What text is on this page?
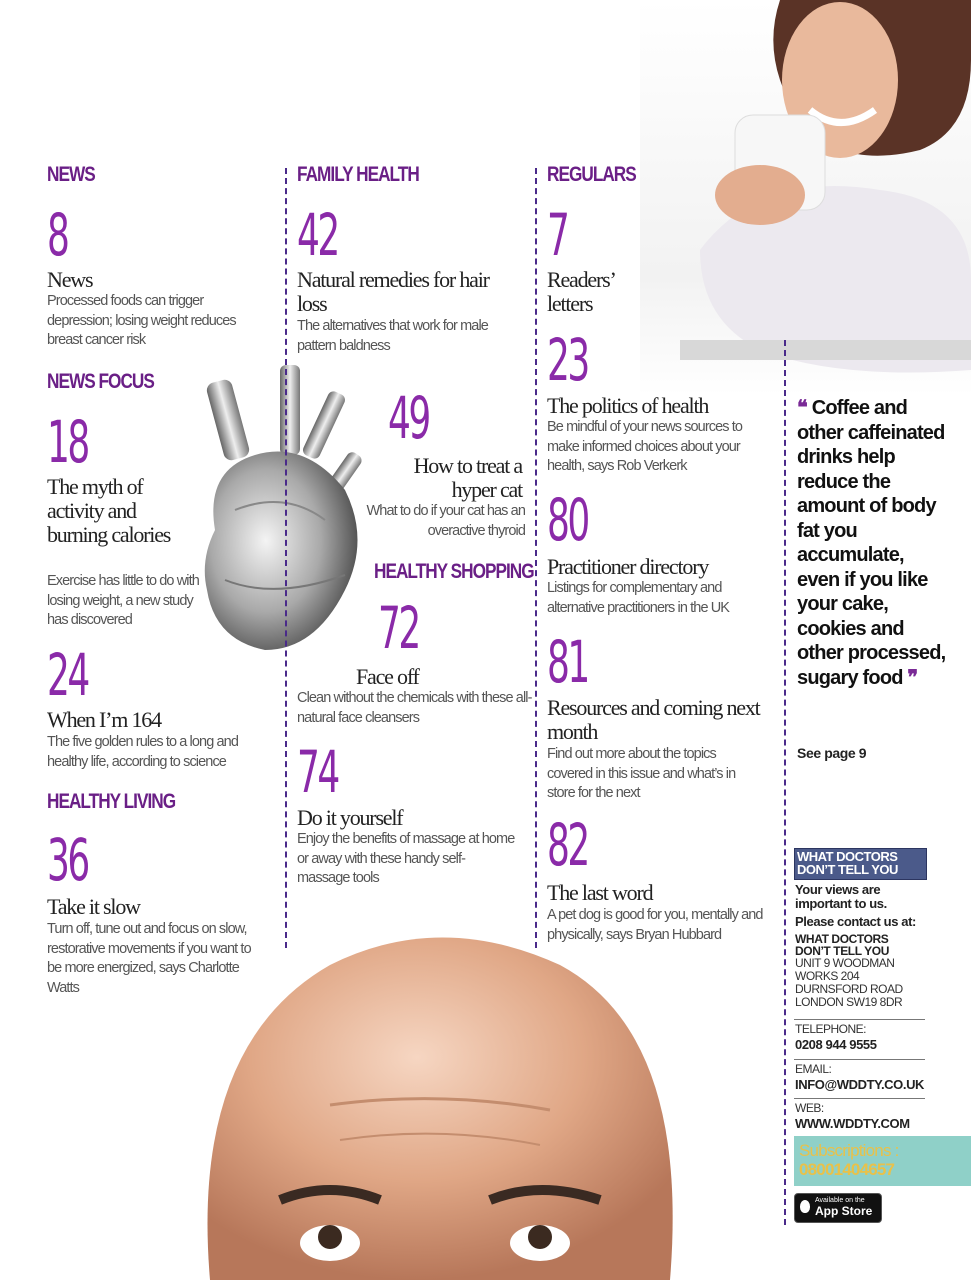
NEWS
8
News
Processed foods can trigger depression; losing weight reduces breast cancer risk
NEWS FOCUS
18
The myth of activity and burning calories
Exercise has little to do with losing weight, a new study has discovered
24
When I’m 164
The five golden rules to a long and healthy life, according to science
HEALTHY LIVING
36
Take it slow
Turn off, tune out and focus on slow, restorative movements if you want to be more energized, says Charlotte Watts
FAMILY HEALTH
42
Natural remedies for hair loss
The alternatives that work for male pattern baldness
49
How to treat a hyper cat
What to do if your cat has an overactive thyroid
HEALTHY SHOPPING
72
Face off
Clean without the chemicals with these all-natural face cleansers
74
Do it yourself
Enjoy the benefits of massage at home or away with these handy self-massage tools
REGULARS
7
Readers’ letters
23
The politics of health
Be mindful of your news sources to make informed choices about your health, says Rob Verkerk
80
Practitioner directory
Listings for complementary and alternative practitioners in the UK
81
Resources and coming next month
Find out more about the topics covered in this issue and what’s in store for the next
82
The last word
A pet dog is good for you, mentally and physically, says Bryan Hubbard
❝ Coffee and other caffeinated drinks help reduce the amount of body fat you accumulate, even if you like your cake, cookies and other processed, sugary food ❞
See page 9
WHAT DOCTORS
DON’T TELL YOU
Your views are
important to us.
Please contact us at:
WHAT DOCTORS
DON’T TELL YOU
UNIT 9 WOODMAN
WORKS 204
DURNSFORD ROAD
LONDON SW19 8DR
TELEPHONE:
0208 944 9555
EMAIL:
INFO@WDDTY.CO.UK
WEB:
WWW.WDDTY.COM
Subscriptions :
08001404657
Available on the
App Store
